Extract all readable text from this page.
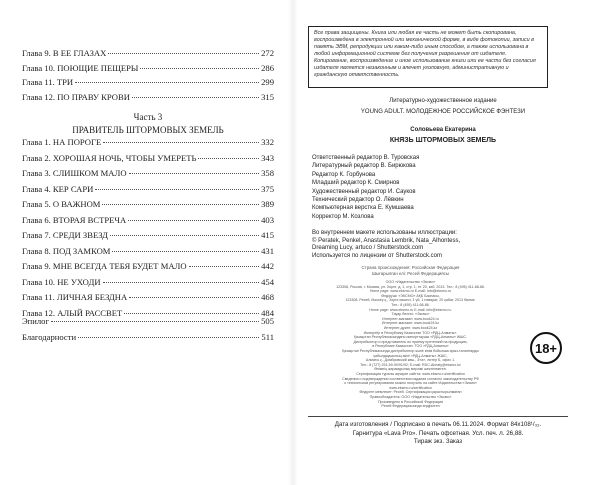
Часть 3
ПРАВИТЕЛЬ ШТОРМОВЫХ ЗЕМЕЛЬ
Глава 9. В ЕЕ ГЛАЗАХ	272
Глава 10. ПОЮЩИЕ ПЕЩЕРЫ	286
Глава 11. ТРИ	299
Глава 12. ПО ПРАВУ КРОВИ	315
Глава 1. НА ПОРОГЕ	332
Глава 2. ХОРОШАЯ НОЧЬ, ЧТОБЫ УМЕРЕТЬ	343
Глава 3. СЛИШКОМ МАЛО	358
Глава 4. КЕР САРИ	375
Глава 5. О ВАЖНОМ	389
Глава 6. ВТОРАЯ ВСТРЕЧА	403
Глава 7. СРЕДИ ЗВЕЗД	415
Глава 8. ПОД ЗАМКОМ	431
Глава 9. МНЕ ВСЕГДА ТЕБЯ БУДЕТ МАЛО	442
Глава 10. НЕ УХОДИ	454
Глава 11. ЛИЧНАЯ БЕЗДНА	468
Глава 12. АЛЫЙ РАССВЕТ	484
Эпилог	505
Благодарности	511
Все права защищены. Книга или любая ее часть не может быть скопирована, воспроизведена в электронной или механической форме, в виде фотокопии, записи в память ЭВМ, репродукции или каким-либо иным способом, а также использована в любой информационной системе без получения разрешения от издателя. Копирование, воспроизведение и иное использование книги или ее части без согласия издателя является незаконным и влечет уголовную, административную и гражданскую ответственность.
Литературно-художественное издание
YOUNG ADULT. МОЛОДЕЖНОЕ РОССИЙСКОЕ ФЭНТЕЗИ
Соловьева Екатерина
КНЯЗЬ ШТОРМОВЫХ ЗЕМЕЛЬ
Ответственный редактор В. Туровская
Литературный редактор В. Бирюкова
Редактор К. Горбунова
Младший редактор К. Смирнов
Художественный редактор И. Сауков
Технический редактор О. Лёвкин
Компьютерная верстка Е. Кумшаева
Корректор М. Козлова
Во внутреннем макете использованы иллюстрации:
© Peratek, Penkel, Anastasia Lembrik, Nata_Alhontess,
Dreaming Lucy, artuco / Shutterstock.com
Используется по лицензии от Shutterstock.com
Страна происхождения: Российская Федерация
Шығарылған елі: Ресей Федерациясы
ООО «Издательство «Эксмо»
123308, Россия, г. Москва, ул. Зорге, д. 1, стр. 1, эт. 20, каб. 2013. Тел.: 8 (495) 411-68-86.
Home page: www.eksmo.ru E-mail: info@eksmo.ru
Өндіруші: «ЭКСМО» АҚБ Баспасы,
123308, Ресей, Мәскеу қ., Зорге көшесі, 1 үй, 1 ғимарат, 20 қабат, 2013 бөлме.
Тел.: 8 (495) 411-68-86.
Home page: www.eksmo.ru E-mail: info@eksmo.ru.
Тауар белгісі: «Эксмо»
Интернет-магазин: www.book24.ru
Интернет-магазин: www.book24.kz
Интернет-дүкен: www.book24.kz
Импортёр в Республику Казахстан ТОО «РДЦ-Алматы».
Қазақстан Республикасындағы импорттаушы «РДЦ-Алматы» ЖШС.
Дистрибьютор и представитель по приему претензий на продукцию,
в Республике Казахстан: ТОО «РДЦ-Алматы»
Қазақстан Республикасында дистрибьютор және өнім бойынша арыз-талаптарды
қабылдаушының өкілі «РДЦ-Алматы» ЖШС,
Алматы қ., Домбровский көш., 3«а», литер Б, офис 1.
Тел.: 8 (727) 251-59-90/91/92; E-mail: RDC-Almaty@eksmo.kz
Өнімнің жарамдылық мерзімі шектелмеген.
Сертификация туралы ақпарат сайтта: www.eksmo.ru/certification
Сведения о подтверждении соответствия издания согласно законодательству РФ
о техническом регулировании можно получить на сайте Издательства «Эксмо»
www.eksmo.ru/certification
Өндірген мемлекет: Ресей. Сертификация қарастырылмаған
Правообладатель: ООО «Издательство «Эксмо»
Произведено в Российской Федерации
Ресей Федерациясында өндірілген
18+
Дата изготовления / Подписано в печать 06.11.2024. Формат 84x108¹/₃₂.
Гарнитура «Lava Pro». Печать офсетная. Усл. печ. л. 26,88.
Тираж экз. Заказ
